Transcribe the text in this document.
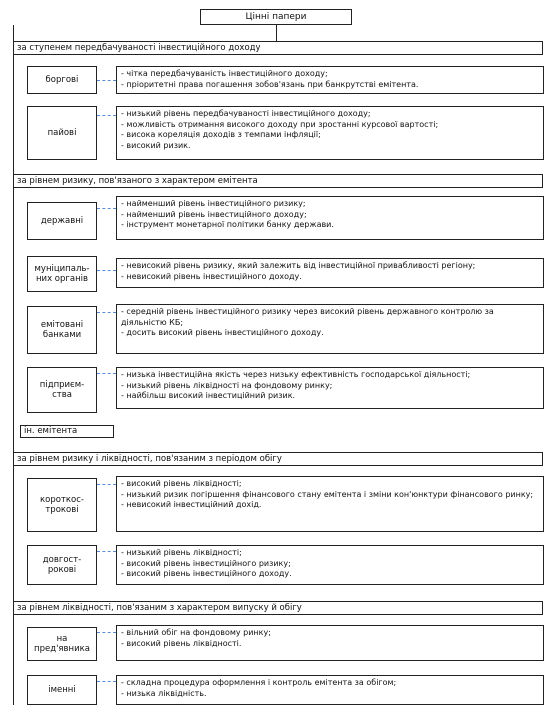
Цінні папери
за ступенем передбачуваності інвестиційного доходу
боргові
- чітка передбачуваність інвестиційного доходу;
- пріоритетні права погашення зобов'язань при банкрутстві емітента.
пайові
- низький рівень передбачуваності інвестиційного доходу;
- можливість отримання високого доходу при зростанні курсової вартості;
- висока кореляція доходів з темпами інфляції;
- високий ризик.
за рівнем ризику, пов'язаного з характером емітента
державні
- найменший рівень інвестиційного ризику;
- найменший рівень інвестиційного доходу;
- інструмент монетарної політики банку держави.
муніципаль-них органів
- невисокий рівень ризику, який залежить від інвестиційної привабливості регіону;
- невисокий рівень інвестиційного доходу.
емітовані банками
- середній рівень інвестиційного ризику через високий рівень державного контролю за діяльністю КБ;
- досить високий рівень інвестиційного доходу.
підприєм-ства
- низька інвестиційна якість через низьку ефективність господарської діяльності;
- низький рівень ліквідності на фондовому ринку;
- найбільш високий інвестиційний ризик.
ін. емітента
за рівнем ризику і ліквідності, пов'язаним з періодом обігу
короткос-трокові
- високий рівень ліквідності;
- низький ризик погіршення фінансового стану емітента і зміни кон'юнктури фінансового ринку;
- невисокий інвестиційний дохід.
довгост-рокові
- низький рівень ліквідності;
- високий рівень інвестиційного ризику;
- високий рівень інвестиційного доходу.
за рівнем ліквідності, пов'язаним з характером випуску й обігу
на пред'явника
- вільний обіг на фондовому ринку;
- високий рівень ліквідності.
іменні
- складна процедура оформлення і контроль емітента за обігом;
- низька ліквідність.
